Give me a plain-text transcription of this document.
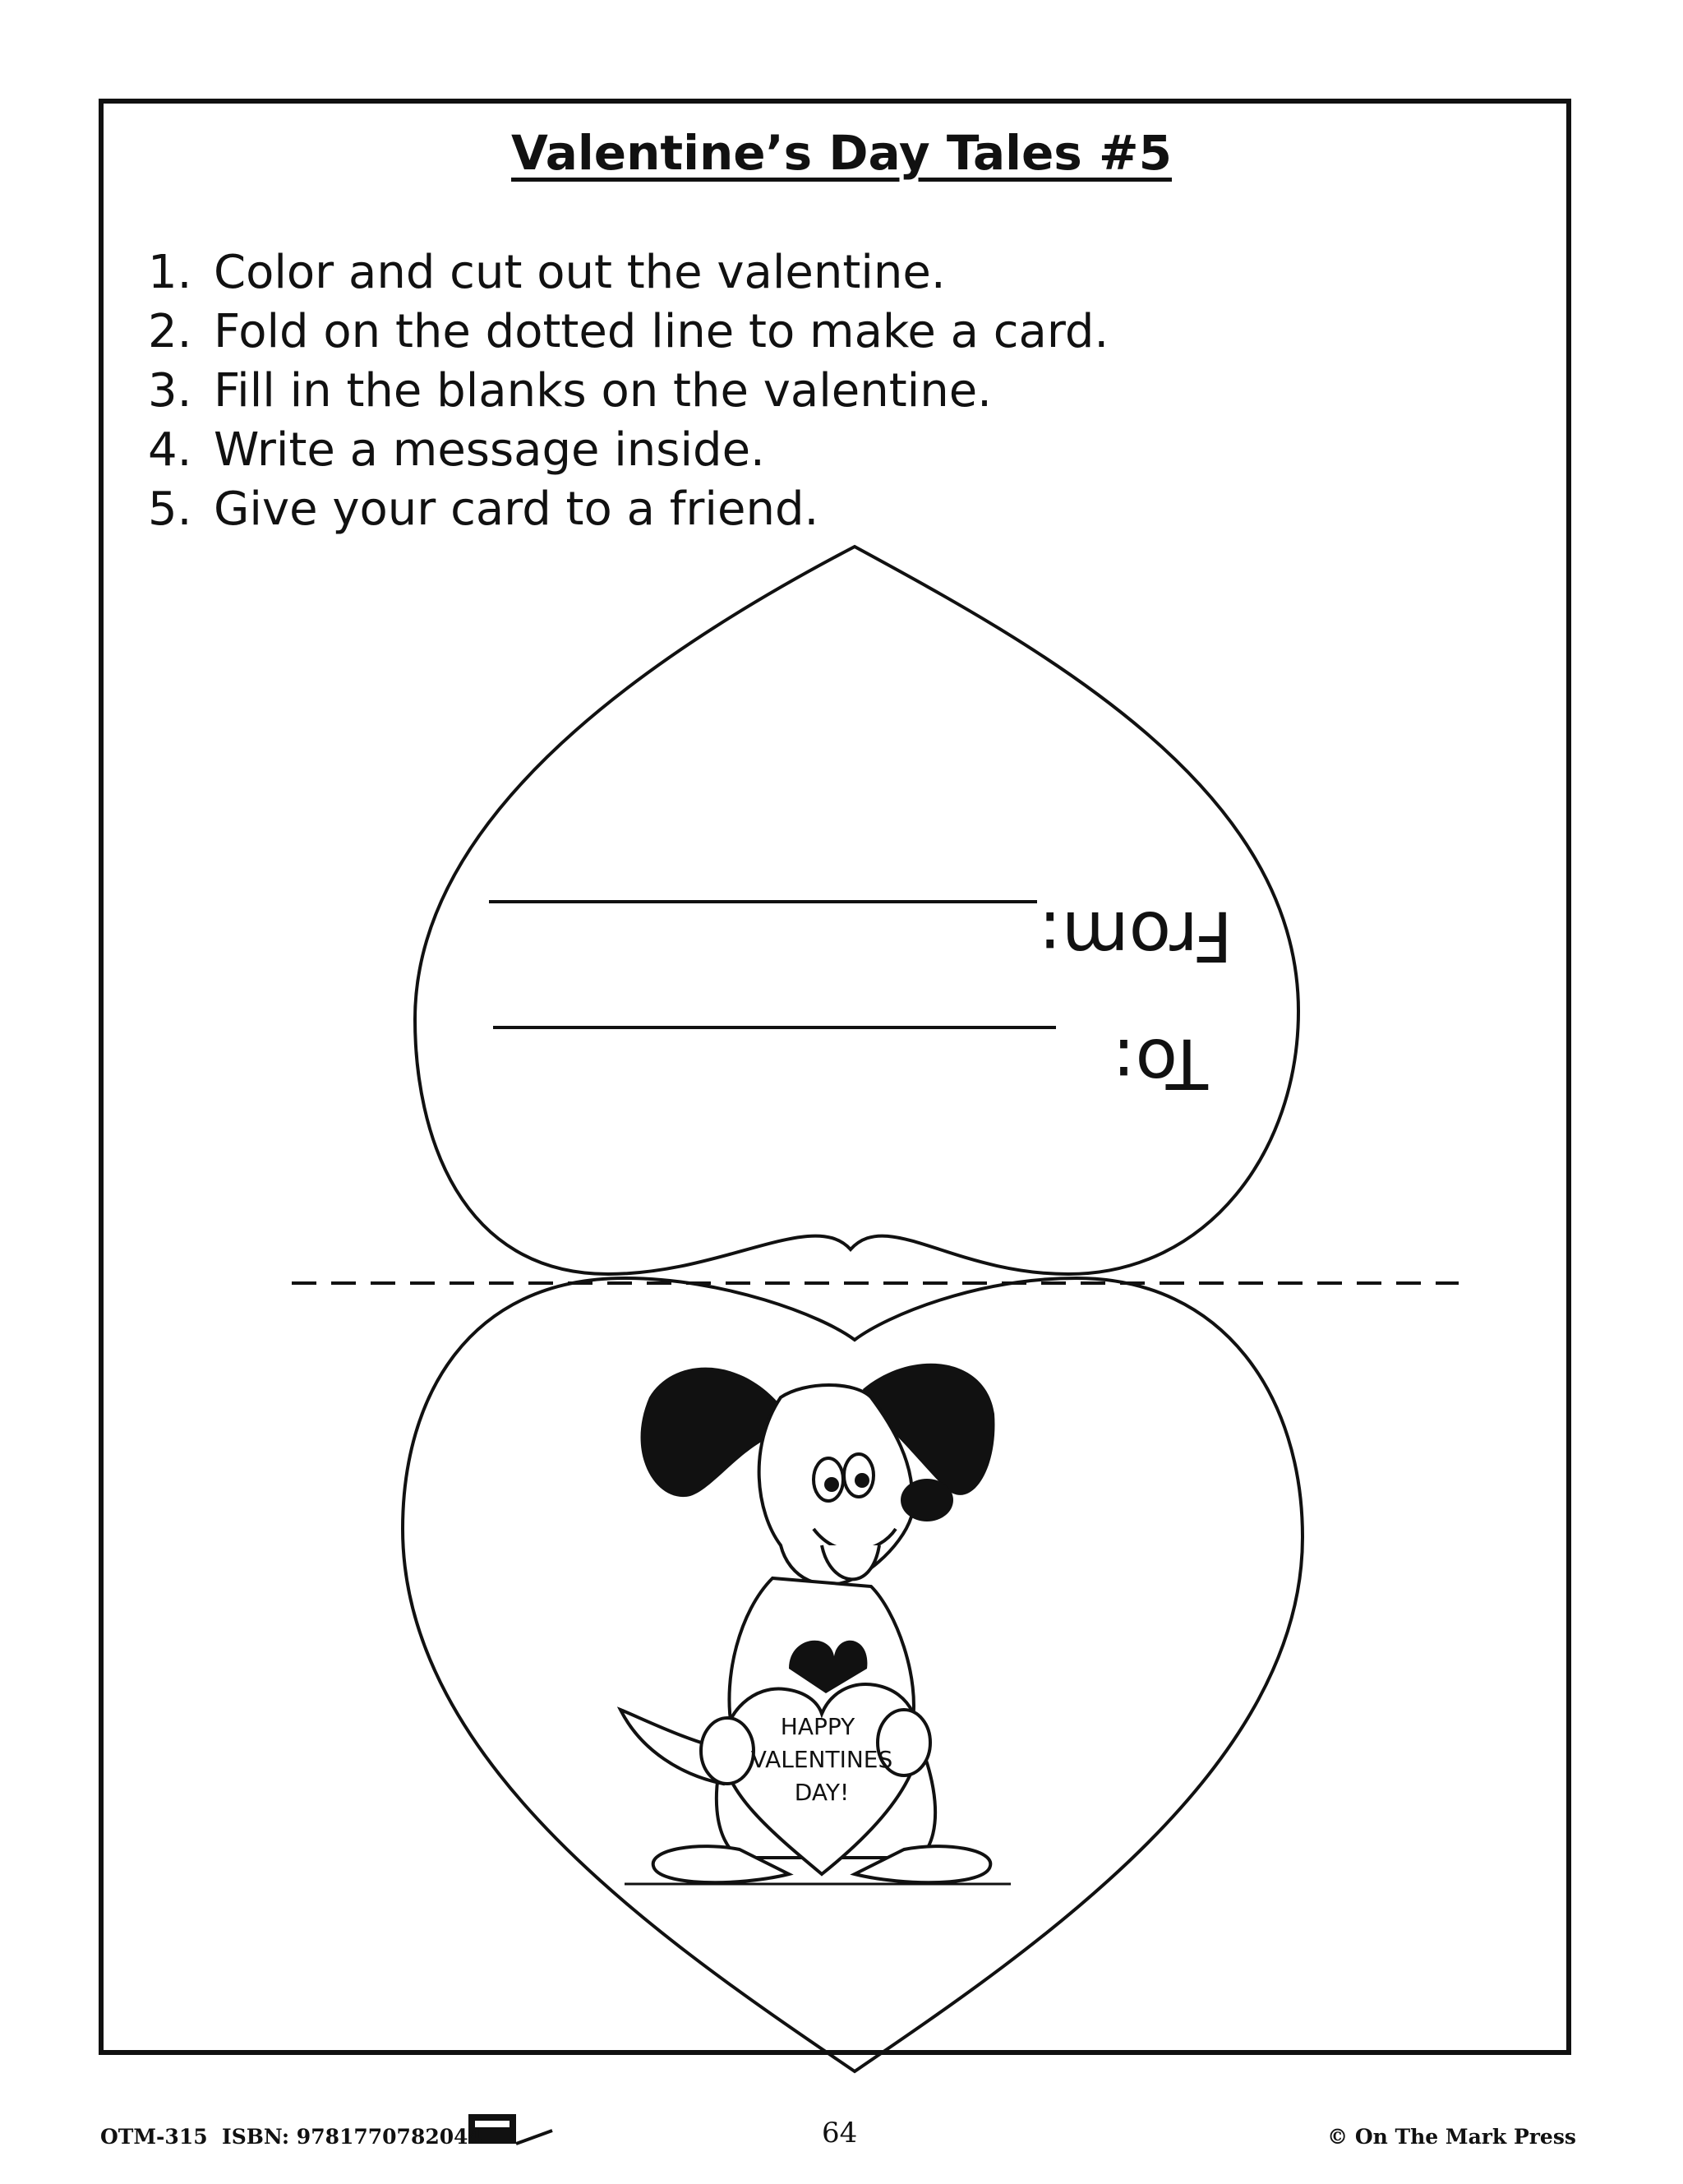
Valentine’s Day Tales #5
1. Color and cut out the valentine.
2. Fold on the dotted line to make a card.
3. Fill in the blanks on the valentine.
4. Write a message inside.
5. Give your card to a friend.
From:
To:
HAPPY
VALENTINES
DAY!
OTM-315  ISBN: 9781770782044	64	© On The Mark Press
